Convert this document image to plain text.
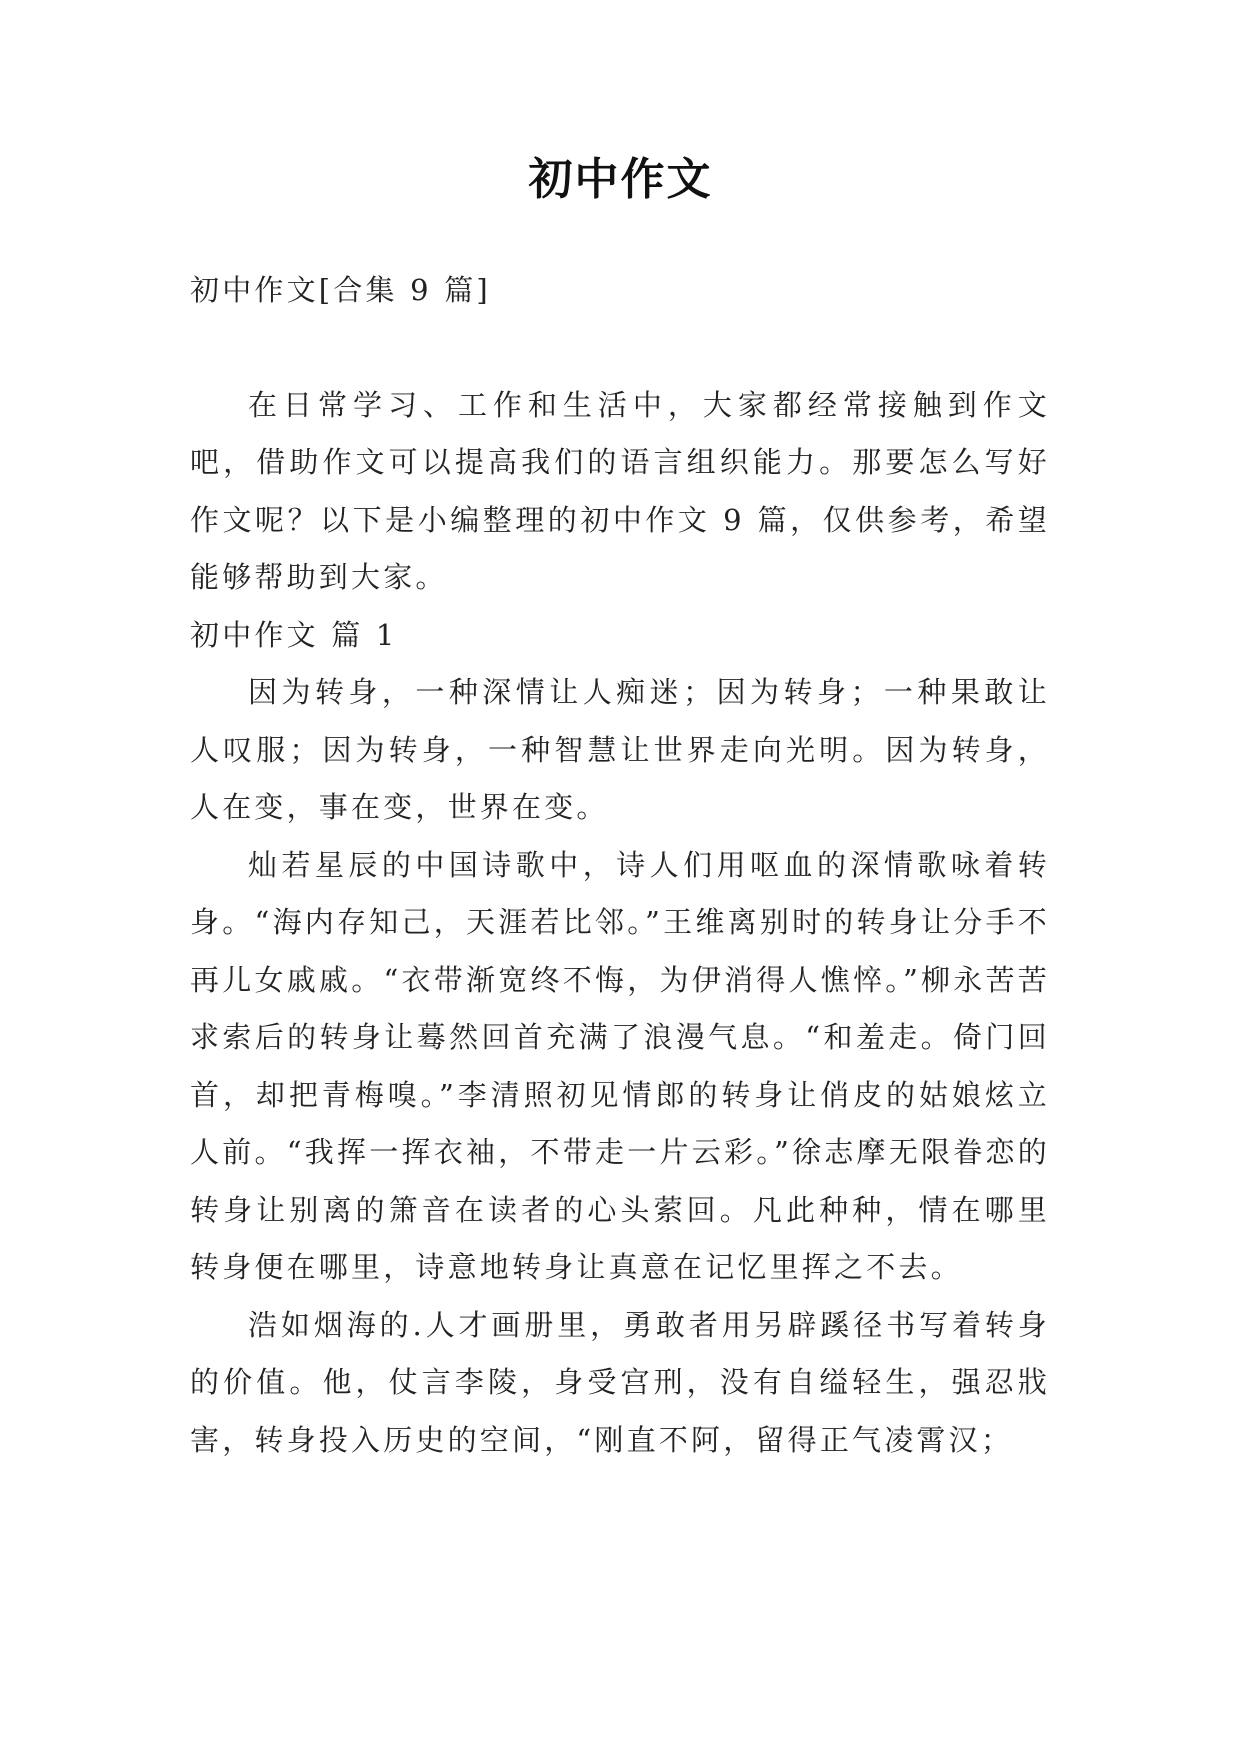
初中作文

初中作文[合集 9 篇]

在日常学习、工作和生活中，大家都经常接触到作文吧，借助作文可以提高我们的语言组织能力。那要怎么写好作文呢？以下是小编整理的初中作文 9 篇，仅供参考，希望能够帮助到大家。

初中作文 篇 1

因为转身，一种深情让人痴迷；因为转身；一种果敢让人叹服；因为转身，一种智慧让世界走向光明。因为转身，人在变，事在变，世界在变。

灿若星辰的中国诗歌中，诗人们用呕血的深情歌咏着转身。“海内存知己，天涯若比邻。”王维离别时的转身让分手不再儿女戚戚。“衣带渐宽终不悔，为伊消得人憔悴。”柳永苦苦求索后的转身让蓦然回首充满了浪漫气息。“和羞走。倚门回首，却把青梅嗅。”李清照初见情郎的转身让俏皮的姑娘炫立人前。“我挥一挥衣袖，不带走一片云彩。”徐志摩无限眷恋的转身让别离的箫音在读者的心头萦回。凡此种种，情在哪里转身便在哪里，诗意地转身让真意在记忆里挥之不去。

浩如烟海的.人才画册里，勇敢者用另辟蹊径书写着转身的价值。他，仗言李陵，身受宫刑，没有自缢轻生，强忍戕害，转身投入历史的空间，“刚直不阿，留得正气凌霄汉；
